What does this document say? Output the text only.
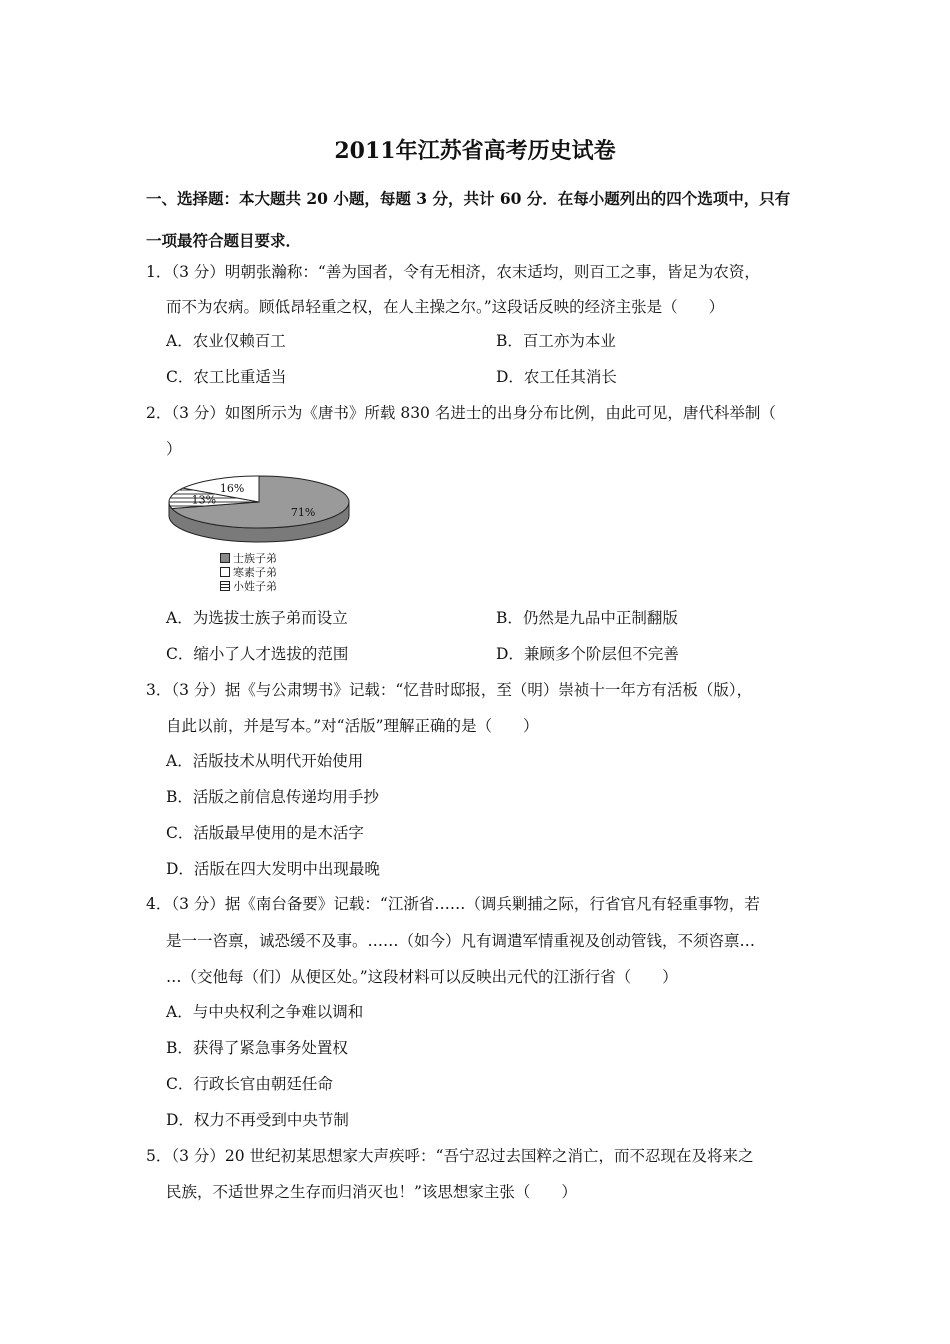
2011年江苏省高考历史试卷
一、选择题：本大题共 20 小题，每题 3 分，共计 60 分．在每小题列出的四个选项中，只有
一项最符合题目要求．
1．（3 分）明朝张瀚称：“善为国者，令有无相济，农末适均，则百工之事，皆足为农资，
而不为农病。顾低昂轻重之权，在人主操之尔。”这段话反映的经济主张是（　　）
A．农业仅赖百工	B．百工亦为本业
C．农工比重适当	D．农工任其消长
2．（3 分）如图所示为《唐书》所载 830 名进士的出身分布比例，由此可见，唐代科举制（
）
71%
13%
16%
士族子弟
寒素子弟
小姓子弟
A．为选拔士族子弟而设立	B．仍然是九品中正制翻版
C．缩小了人才选拔的范围	D．兼顾多个阶层但不完善
3．（3 分）据《与公肃甥书》记载：“忆昔时邸报，至（明）崇祯十一年方有活板（版），
自此以前，并是写本。”对“活版”理解正确的是（　　）
A．活版技术从明代开始使用
B．活版之前信息传递均用手抄
C．活版最早使用的是木活字
D．活版在四大发明中出现最晚
4．（3 分）据《南台备要》记载：“江浙省……（调兵剿捕之际，行省官凡有轻重事物，若
是一一咨禀，诚恐缓不及事。……（如今）凡有调遣军情重视及创动管钱，不须咨禀…
…（交他每（们）从便区处。”这段材料可以反映出元代的江浙行省（　　）
A．与中央权利之争难以调和
B．获得了紧急事务处置权
C．行政长官由朝廷任命
D．权力不再受到中央节制
5．（3 分）20 世纪初某思想家大声疾呼：“吾宁忍过去国粹之消亡，而不忍现在及将来之
民族，不适世界之生存而归消灭也！”该思想家主张（　　）
